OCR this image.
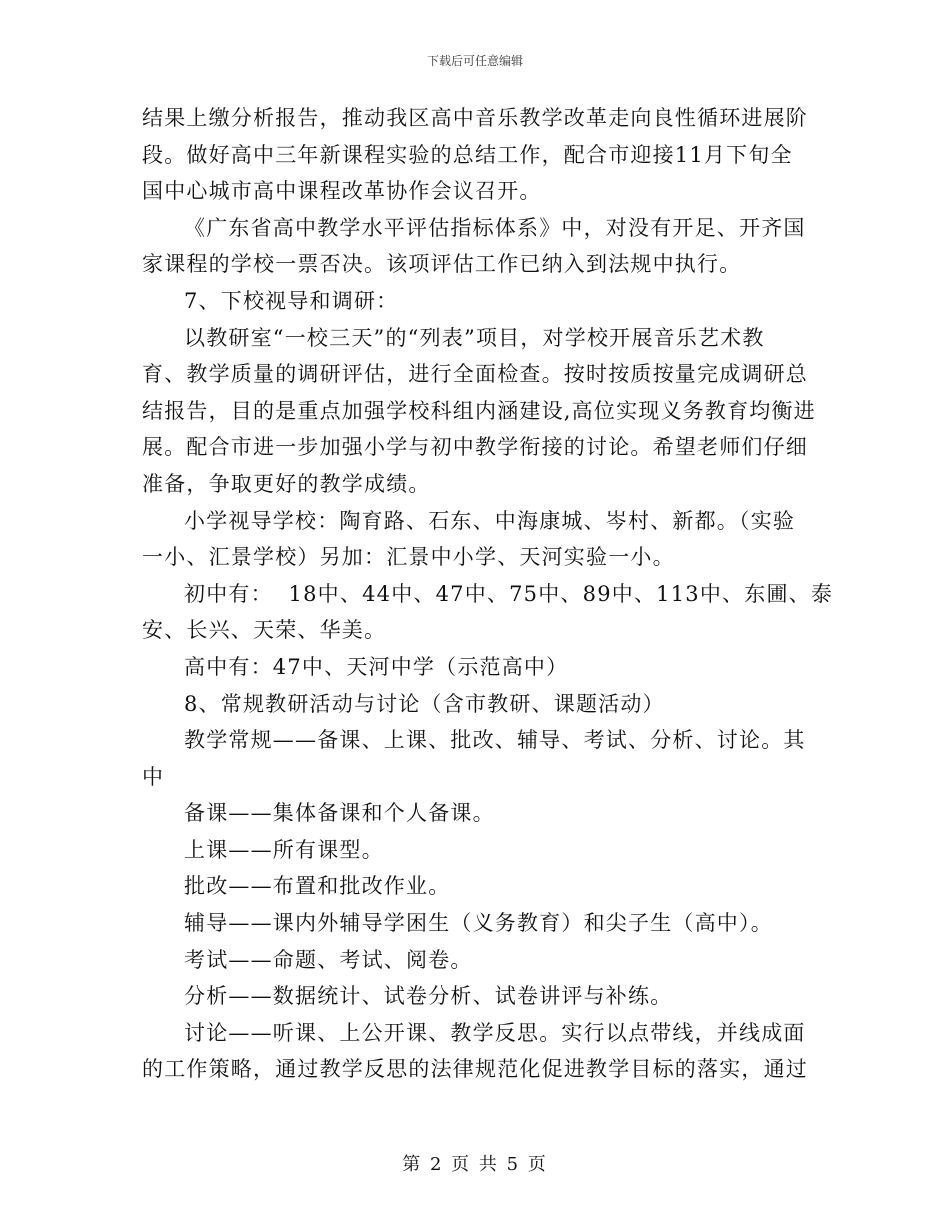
下载后可任意编辑
结果上缴分析报告，推动我区高中音乐教学改革走向良性循环进展阶
段。做好高中三年新课程实验的总结工作，配合市迎接11月下旬全
国中心城市高中课程改革协作会议召开。
《广东省高中教学水平评估指标体系》中，对没有开足、开齐国
家课程的学校一票否决。该项评估工作已纳入到法规中执行。
7、下校视导和调研：
以教研室“一校三天”的“列表”项目，对学校开展音乐艺术教
育、教学质量的调研评估，进行全面检查。按时按质按量完成调研总
结报告，目的是重点加强学校科组内涵建设,高位实现义务教育均衡进
展。配合市进一步加强小学与初中教学衔接的讨论。希望老师们仔细
准备，争取更好的教学成绩。
小学视导学校：陶育路、石东、中海康城、岑村、新都。（实验
一小、汇景学校）另加：汇景中小学、天河实验一小。
初中有：  18中、44中、47中、75中、89中、113中、东圃、泰
安、长兴、天荣、华美。
高中有：47中、天河中学（示范高中）
8、常规教研活动与讨论（含市教研、课题活动）
教学常规——备课、上课、批改、辅导、考试、分析、讨论。其
中
备课——集体备课和个人备课。
上课——所有课型。
批改——布置和批改作业。
辅导——课内外辅导学困生（义务教育）和尖子生（高中）。
考试——命题、考试、阅卷。
分析——数据统计、试卷分析、试卷讲评与补练。
讨论——听课、上公开课、教学反思。实行以点带线，并线成面
的工作策略，通过教学反思的法律规范化促进教学目标的落实，通过
第 2 页 共 5 页
